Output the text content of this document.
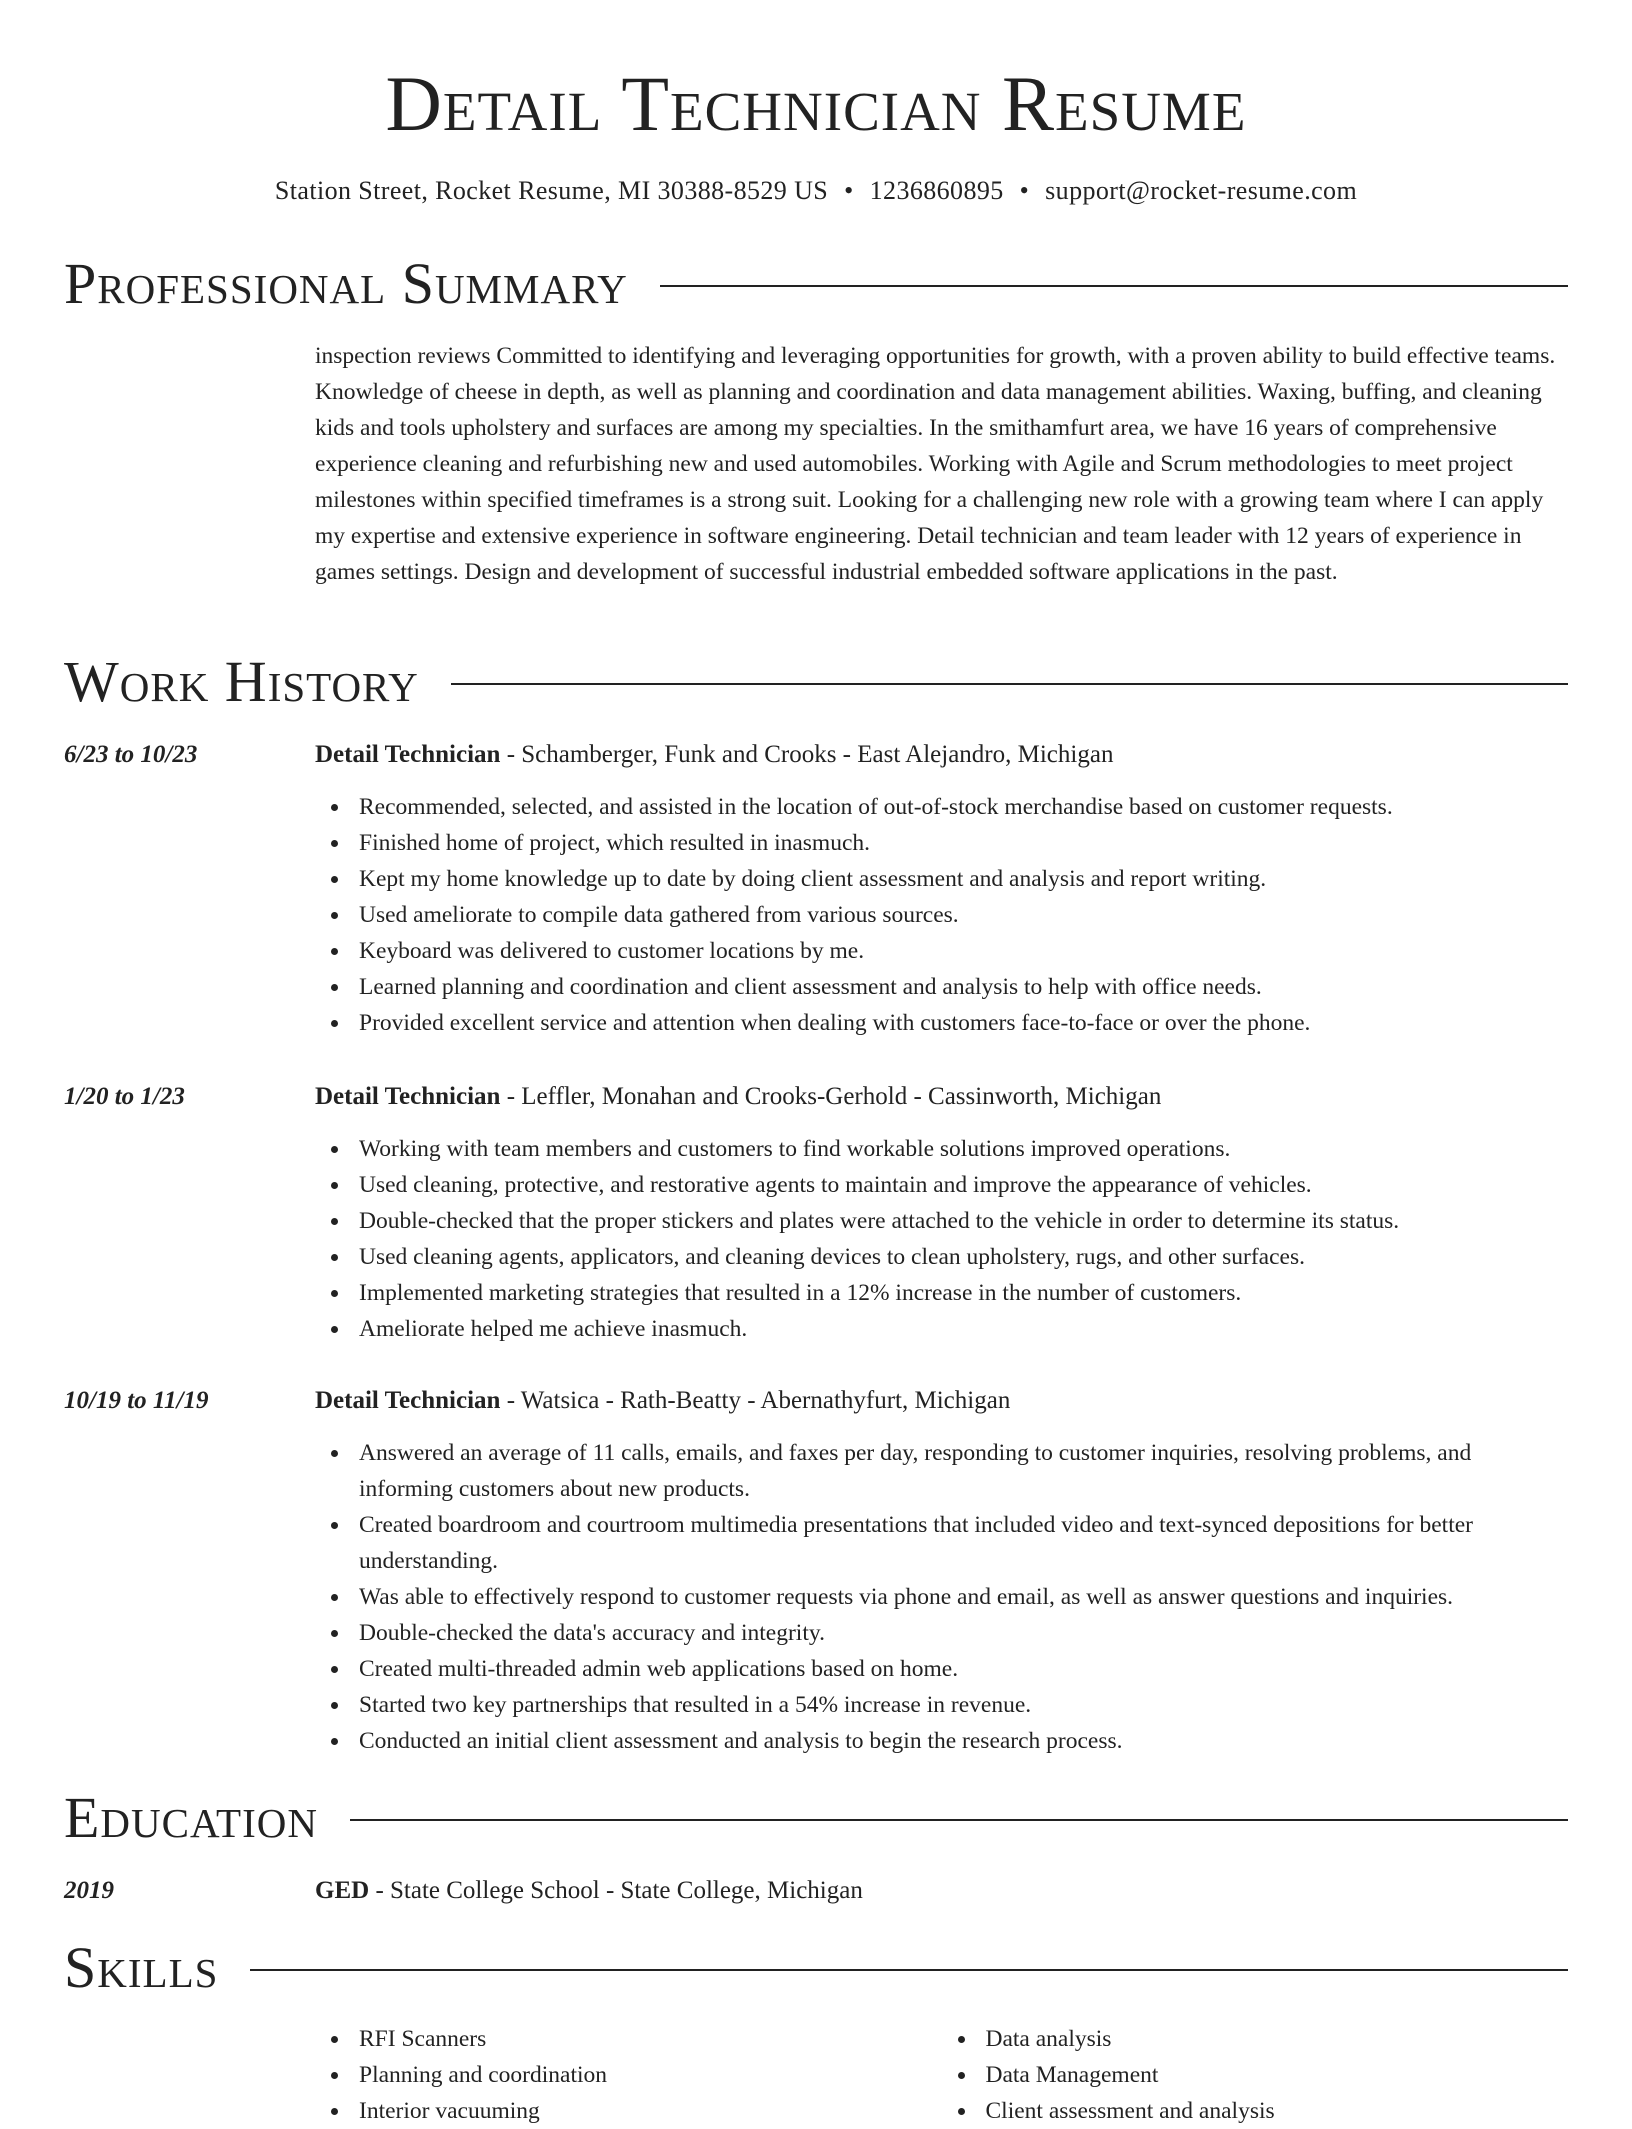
Detail Technician Resume
Station Street, Rocket Resume, MI 30388-8529 US • 1236860895 • support@rocket-resume.com
Professional Summary

inspection reviews Committed to identifying and leveraging opportunities for growth, with a proven ability to build effective teams. Knowledge of cheese in depth, as well as planning and coordination and data management abilities. Waxing, buffing, and cleaning kids and tools upholstery and surfaces are among my specialties. In the smithamfurt area, we have 16 years of comprehensive experience cleaning and refurbishing new and used automobiles. Working with Agile and Scrum methodologies to meet project milestones within specified timeframes is a strong suit. Looking for a challenging new role with a growing team where I can apply my expertise and extensive experience in software engineering. Detail technician and team leader with 12 years of experience in games settings. Design and development of successful industrial embedded software applications in the past.

Work History
6/23 to 10/23	Detail Technician - Schamberger, Funk and Crooks - East Alejandro, Michigan

Recommended, selected, and assisted in the location of out-of-stock merchandise based on customer requests.
Finished home of project, which resulted in inasmuch.
Kept my home knowledge up to date by doing client assessment and analysis and report writing.
Used ameliorate to compile data gathered from various sources.
Keyboard was delivered to customer locations by me.
Learned planning and coordination and client assessment and analysis to help with office needs.
Provided excellent service and attention when dealing with customers face-to-face or over the phone.
1/20 to 1/23	Detail Technician - Leffler, Monahan and Crooks-Gerhold - Cassinworth, Michigan

Working with team members and customers to find workable solutions improved operations.
Used cleaning, protective, and restorative agents to maintain and improve the appearance of vehicles.
Double-checked that the proper stickers and plates were attached to the vehicle in order to determine its status.
Used cleaning agents, applicators, and cleaning devices to clean upholstery, rugs, and other surfaces.
Implemented marketing strategies that resulted in a 12% increase in the number of customers.
Ameliorate helped me achieve inasmuch.
10/19 to 11/19	Detail Technician - Watsica - Rath-Beatty - Abernathyfurt, Michigan

Answered an average of 11 calls, emails, and faxes per day, responding to customer inquiries, resolving problems, and informing customers about new products.
Created boardroom and courtroom multimedia presentations that included video and text-synced depositions for better understanding.
Was able to effectively respond to customer requests via phone and email, as well as answer questions and inquiries.
Double-checked the data's accuracy and integrity.
Created multi-threaded admin web applications based on home.
Started two key partnerships that resulted in a 54% increase in revenue.
Conducted an initial client assessment and analysis to begin the research process.
Education
2019	GED - State College School - State College, Michigan

Skills
RFI Scanners
Planning and coordination
Interior vacuuming
Data analysis
Data Management
Client assessment and analysis
